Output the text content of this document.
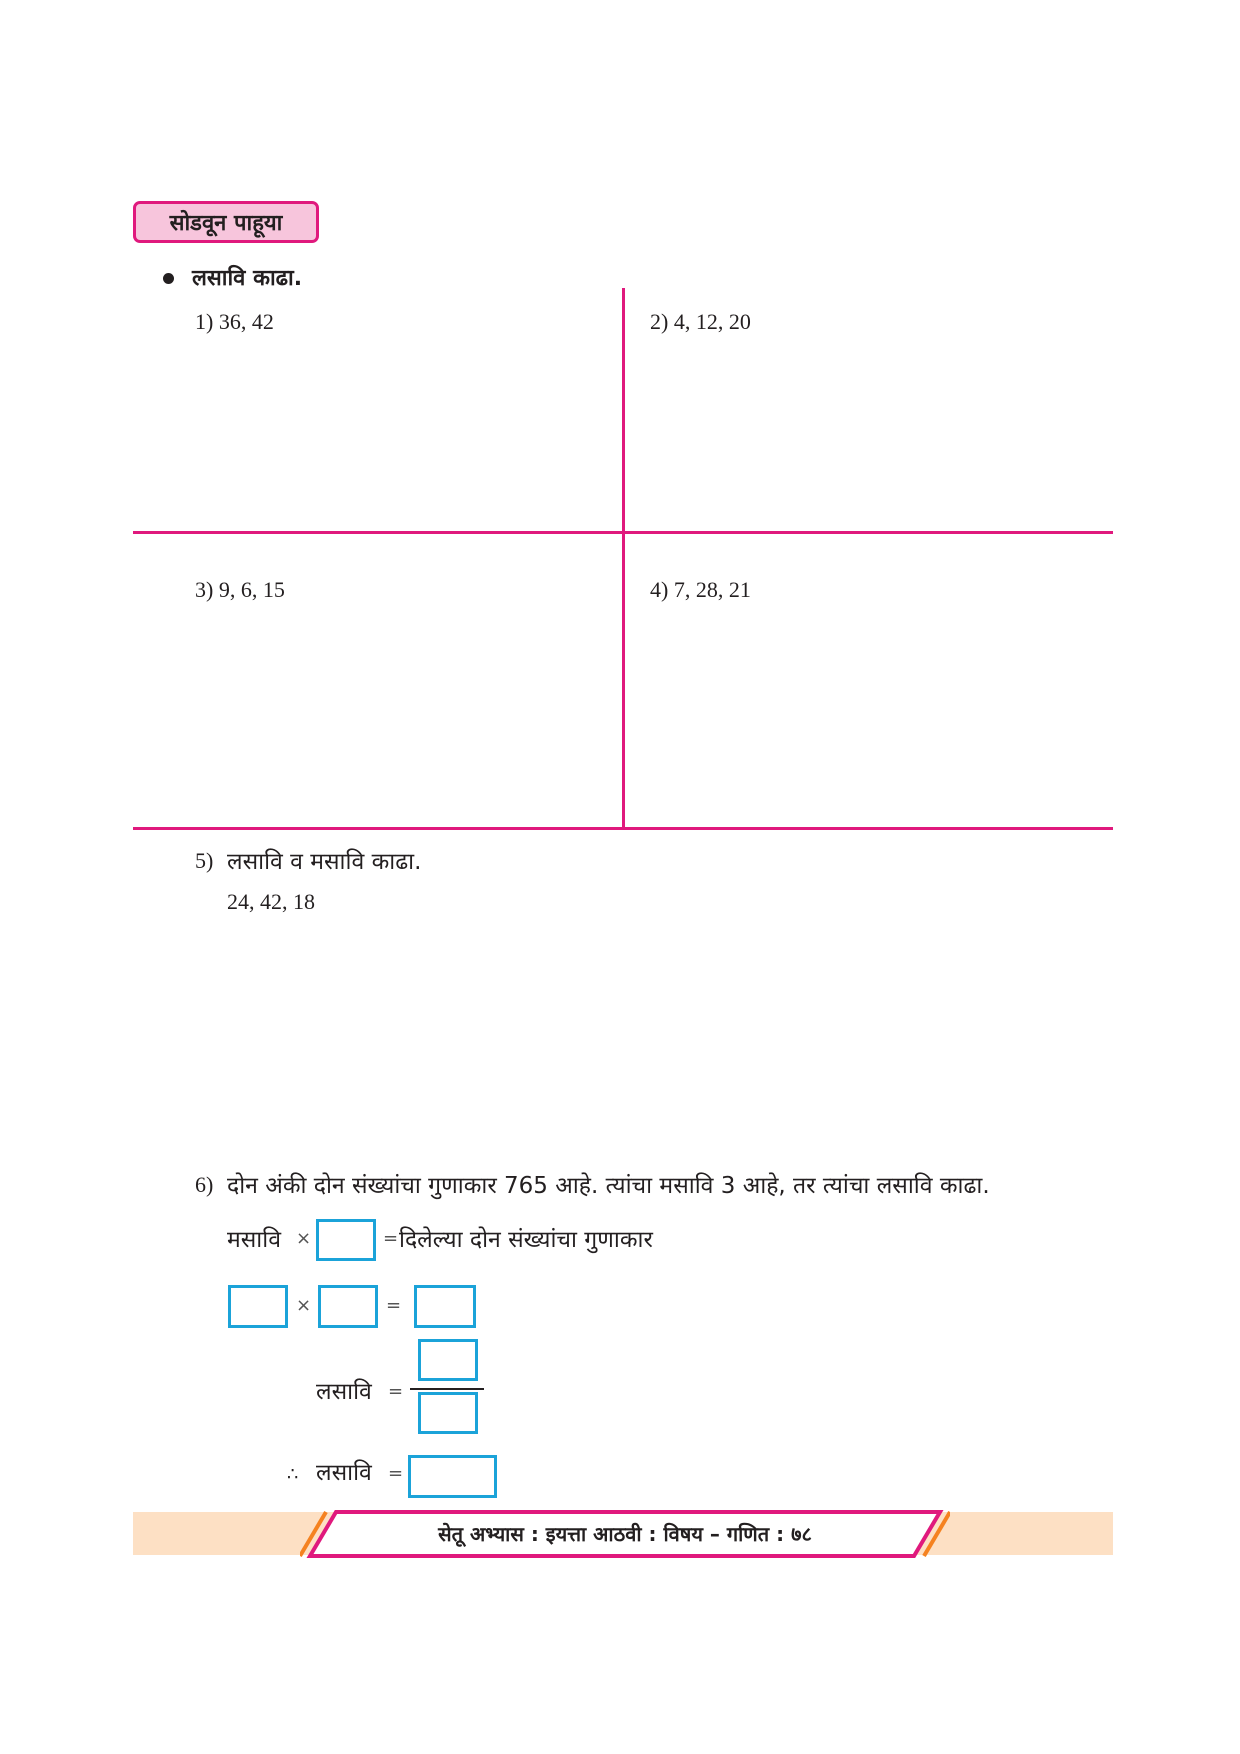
सोडवून पाहूया
लसावि काढा.
1) 36, 42	2) 4, 12, 20
3) 9, 6, 15	4) 7, 28, 21
5) लसावि व मसावि काढा.
24, 42, 18
6) दोन अंकी दोन संख्यांचा गुणाकार 765 आहे. त्यांचा मसावि 3 आहे, तर त्यांचा लसावि काढा.
मसावि ×	= दिलेल्या दोन संख्यांचा गुणाकार
×	=
लसावि =
∴ लसावि =
सेतू अभ्यास : इयत्ता आठवी : विषय – गणित : ७८
